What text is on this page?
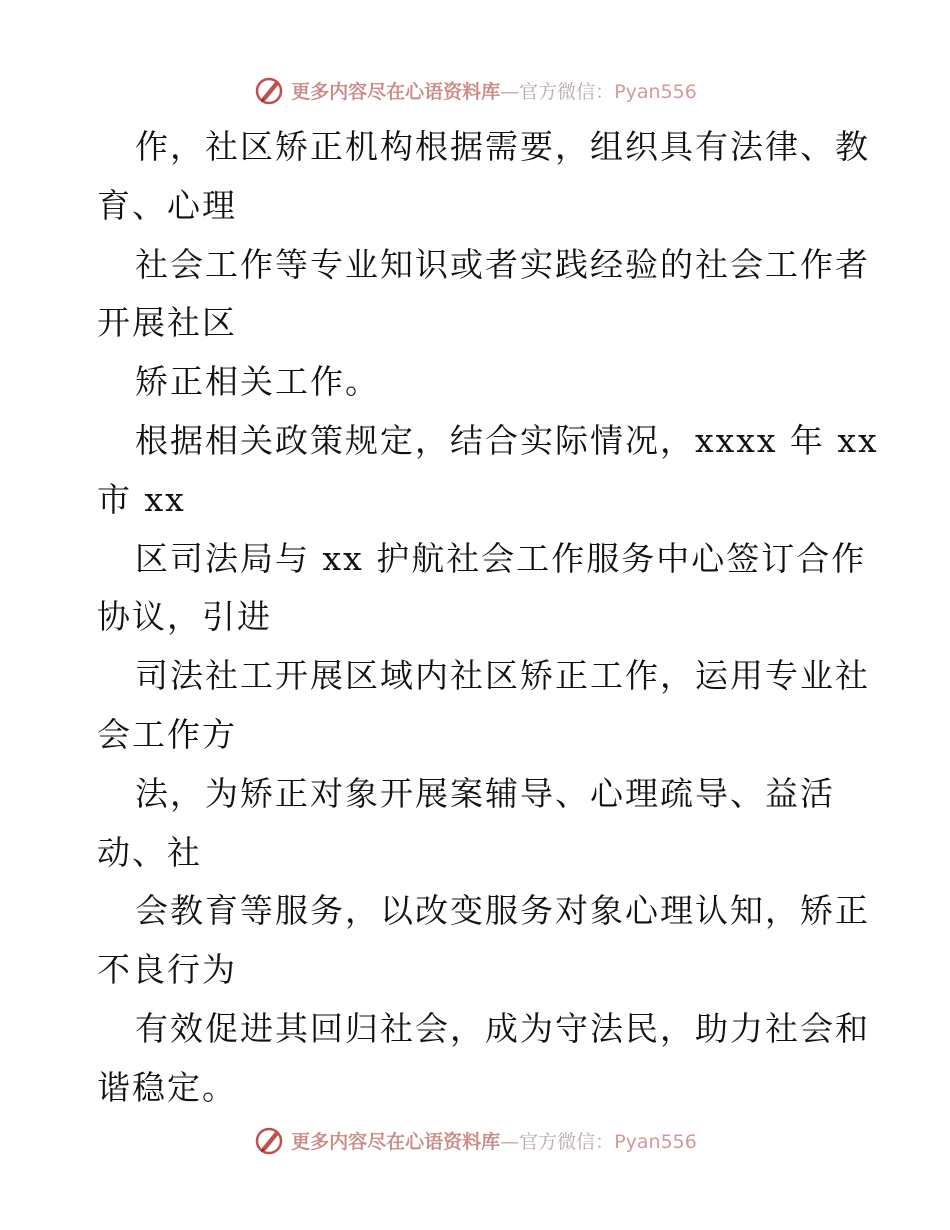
更多内容尽在心语资料库—官方微信：Pyan556

作，社区矫正机构根据需要，组织具有法律、教

育、心理

社会工作等专业知识或者实践经验的社会工作者

开展社区

矫正相关工作。

根据相关政策规定，结合实际情况，xxxx 年 xx

市 xx

区司法局与 xx 护航社会工作服务中心签订合作

协议，引进

司法社工开展区域内社区矫正工作，运用专业社

会工作方

法，为矫正对象开展案辅导、心理疏导、益活

动、社

会教育等服务，以改变服务对象心理认知，矫正

不良行为

有效促进其回归社会，成为守法民，助力社会和

谐稳定。

更多内容尽在心语资料库—官方微信：Pyan556
